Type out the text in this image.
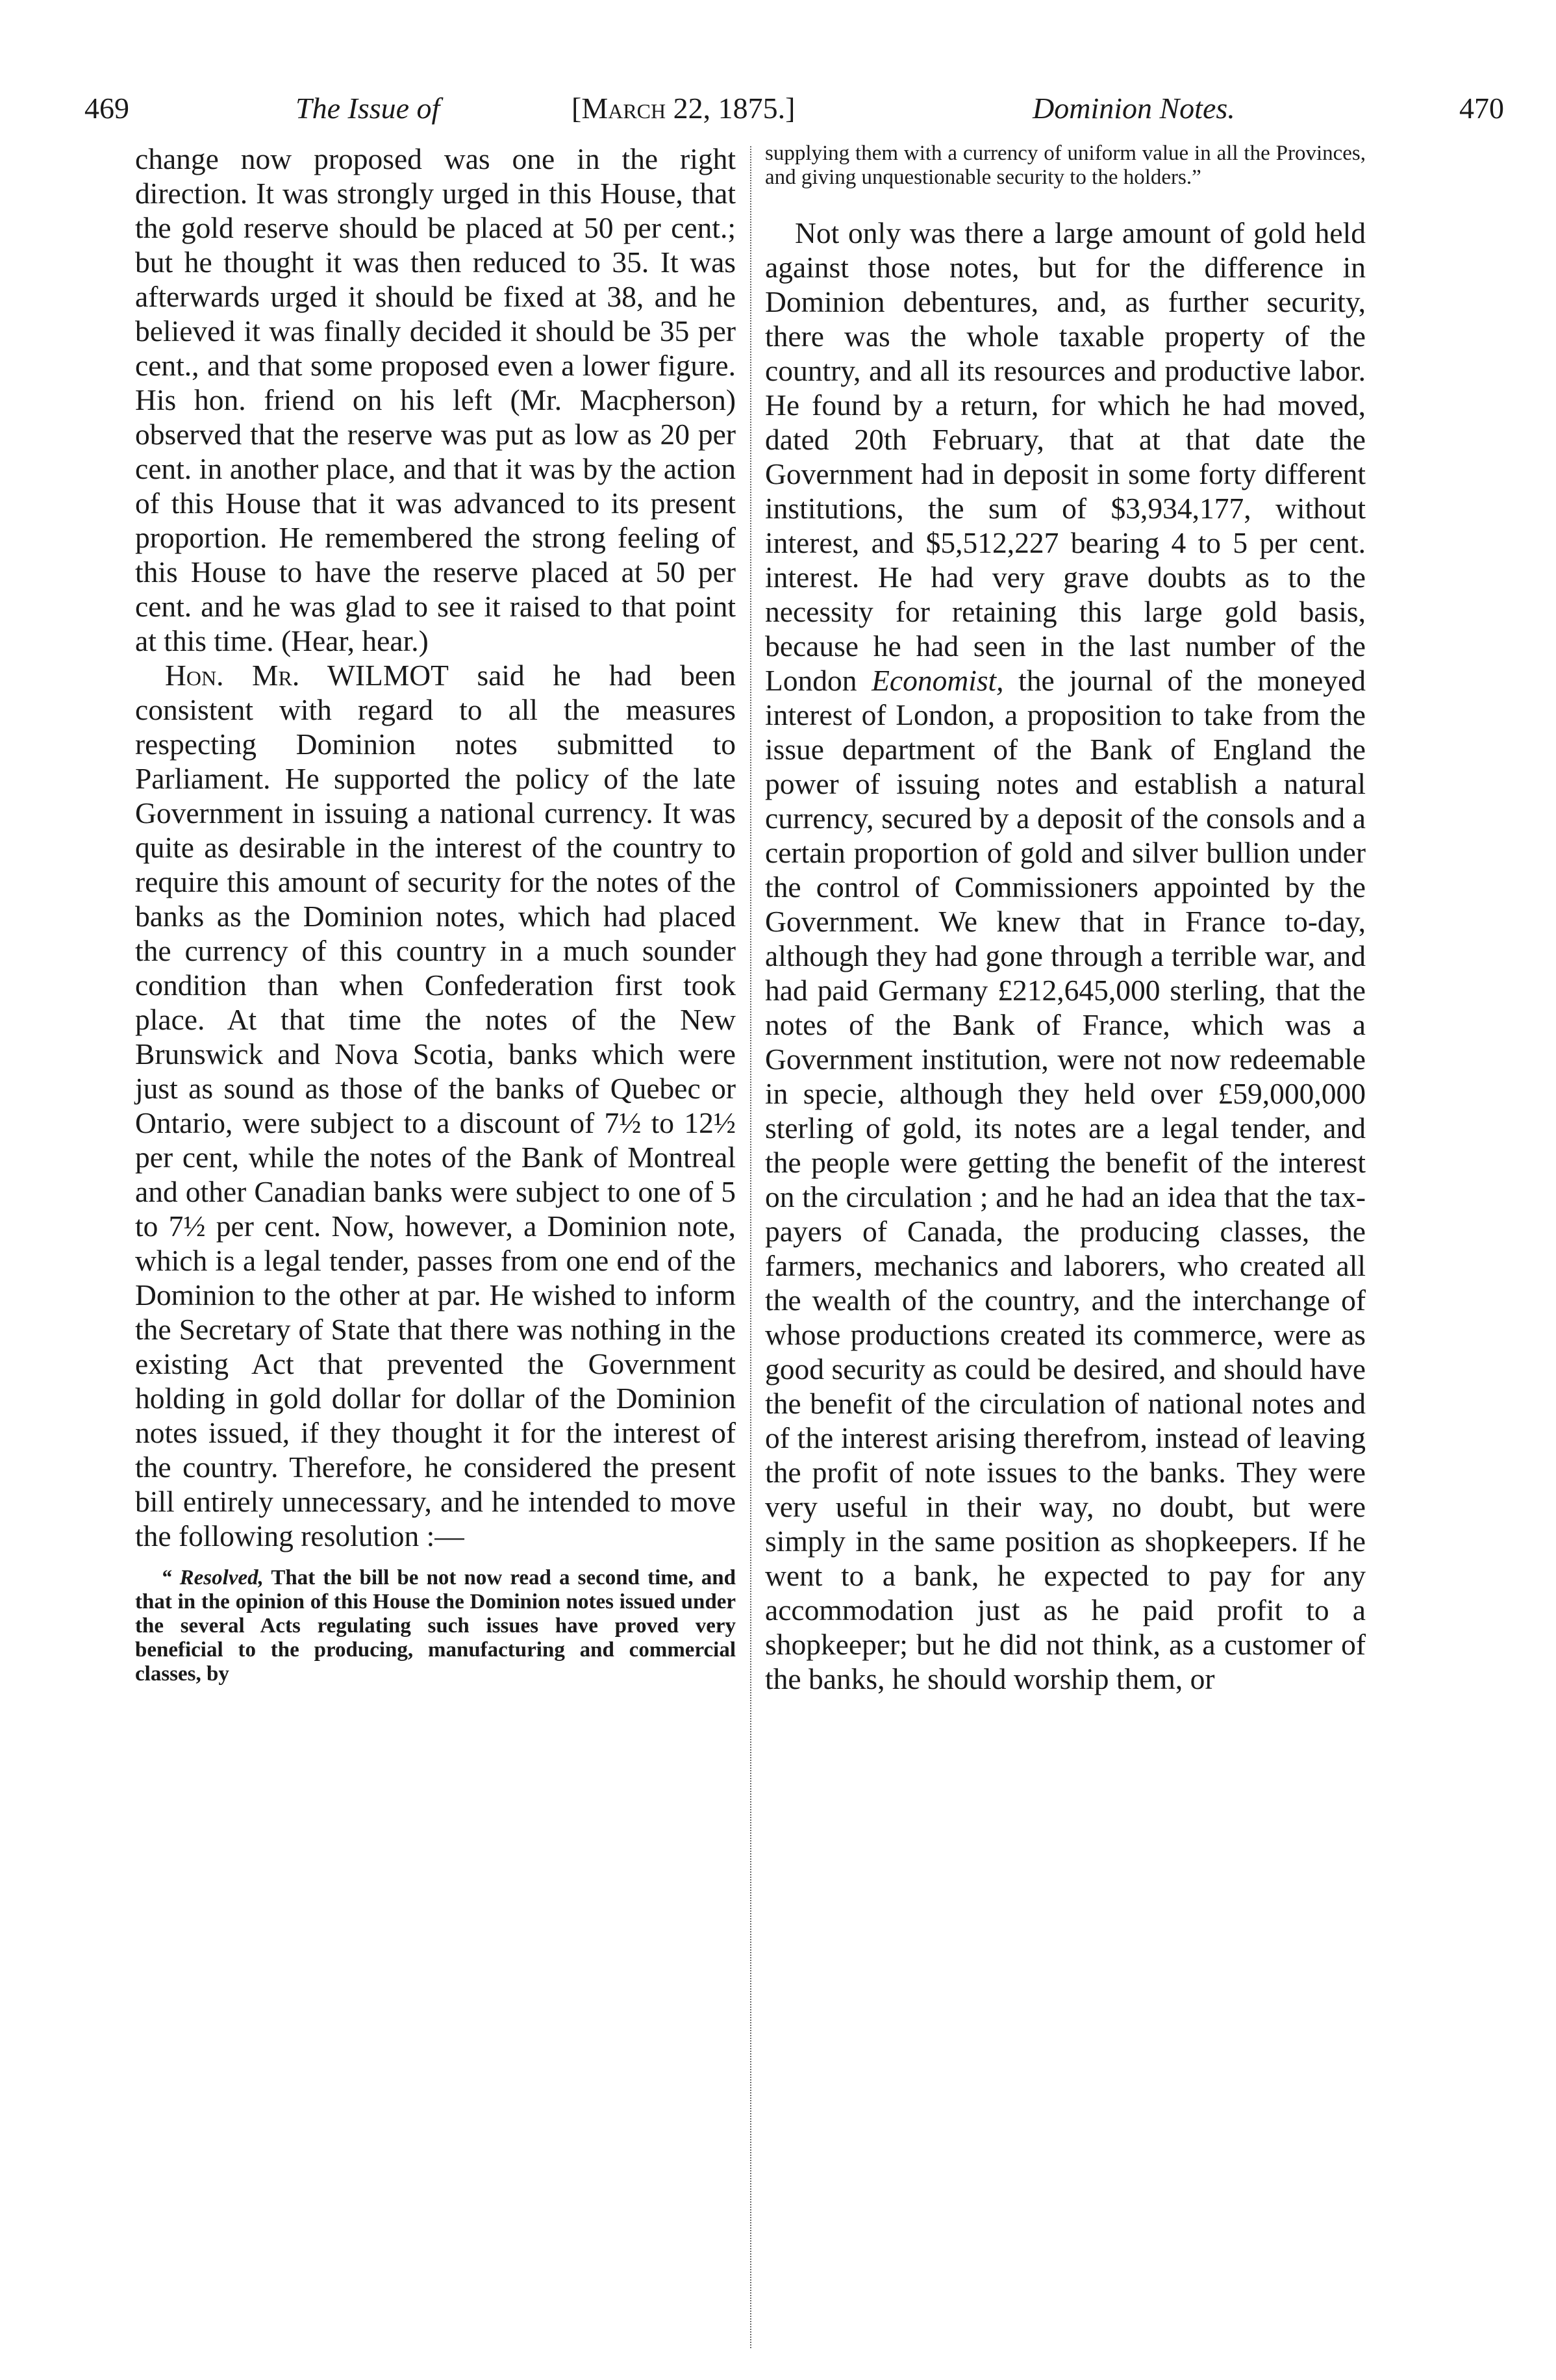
469	The Issue of	[March 22, 1875.]	Dominion Notes.	470

change now proposed was one in the right direction. It was strongly urged in this House, that the gold reserve should be placed at 50 per cent.; but he thought it was then reduced to 35. It was afterwards urged it should be fixed at 38, and he believed it was finally decided it should be 35 per cent., and that some proposed even a lower figure. His hon. friend on his left (Mr. Macpherson) observed that the reserve was put as low as 20 per cent. in another place, and that it was by the action of this House that it was advanced to its present proportion. He remembered the strong feeling of this House to have the reserve placed at 50 per cent. and he was glad to see it raised to that point at this time. (Hear, hear.)

Hon. Mr. WILMOT said he had been consistent with regard to all the measures respecting Dominion notes submitted to Parliament. He supported the policy of the late Government in issuing a national currency. It was quite as desirable in the interest of the country to require this amount of security for the notes of the banks as the Dominion notes, which had placed the currency of this country in a much sounder condition than when Confederation first took place. At that time the notes of the New Brunswick and Nova Scotia, banks which were just as sound as those of the banks of Quebec or Ontario, were subject to a discount of 7½ to 12½ per cent, while the notes of the Bank of Montreal and other Canadian banks were subject to one of 5 to 7½ per cent. Now, however, a Dominion note, which is a legal tender, passes from one end of the Dominion to the other at par. He wished to inform the Secretary of State that there was nothing in the existing Act that prevented the Government holding in gold dollar for dollar of the Dominion notes issued, if they thought it for the interest of the country. Therefore, he considered the present bill entirely unnecessary, and he intended to move the following resolution :—

“ Resolved, That the bill be not now read a second time, and that in the opinion of this House the Dominion notes issued under the several Acts regulating such issues have proved very beneficial to the producing, manufacturing and commercial classes, by

supplying them with a currency of uniform value in all the Provinces, and giving unquestionable security to the holders.”

Not only was there a large amount of gold held against those notes, but for the difference in Dominion debentures, and, as further security, there was the whole taxable property of the country, and all its resources and productive labor. He found by a return, for which he had moved, dated 20th February, that at that date the Government had in deposit in some forty different institutions, the sum of $3,934,177, without interest, and $5,512,227 bearing 4 to 5 per cent. interest. He had very grave doubts as to the necessity for retaining this large gold basis, because he had seen in the last number of the London Economist, the journal of the moneyed interest of London, a proposition to take from the issue department of the Bank of England the power of issuing notes and establish a natural currency, secured by a deposit of the consols and a certain proportion of gold and silver bullion under the control of Commissioners appointed by the Government. We knew that in France to-day, although they had gone through a terrible war, and had paid Germany £212,645,000 sterling, that the notes of the Bank of France, which was a Government institution, were not now redeemable in specie, although they held over £59,000,000 sterling of gold, its notes are a legal tender, and the people were getting the benefit of the interest on the circulation ; and he had an idea that the tax-payers of Canada, the producing classes, the farmers, mechanics and laborers, who created all the wealth of the country, and the interchange of whose productions created its commerce, were as good security as could be desired, and should have the benefit of the circulation of national notes and of the interest arising therefrom, instead of leaving the profit of note issues to the banks. They were very useful in their way, no doubt, but were simply in the same position as shopkeepers. If he went to a bank, he expected to pay for any accommodation just as he paid profit to a shopkeeper; but he did not think, as a customer of the banks, he should worship them, or
